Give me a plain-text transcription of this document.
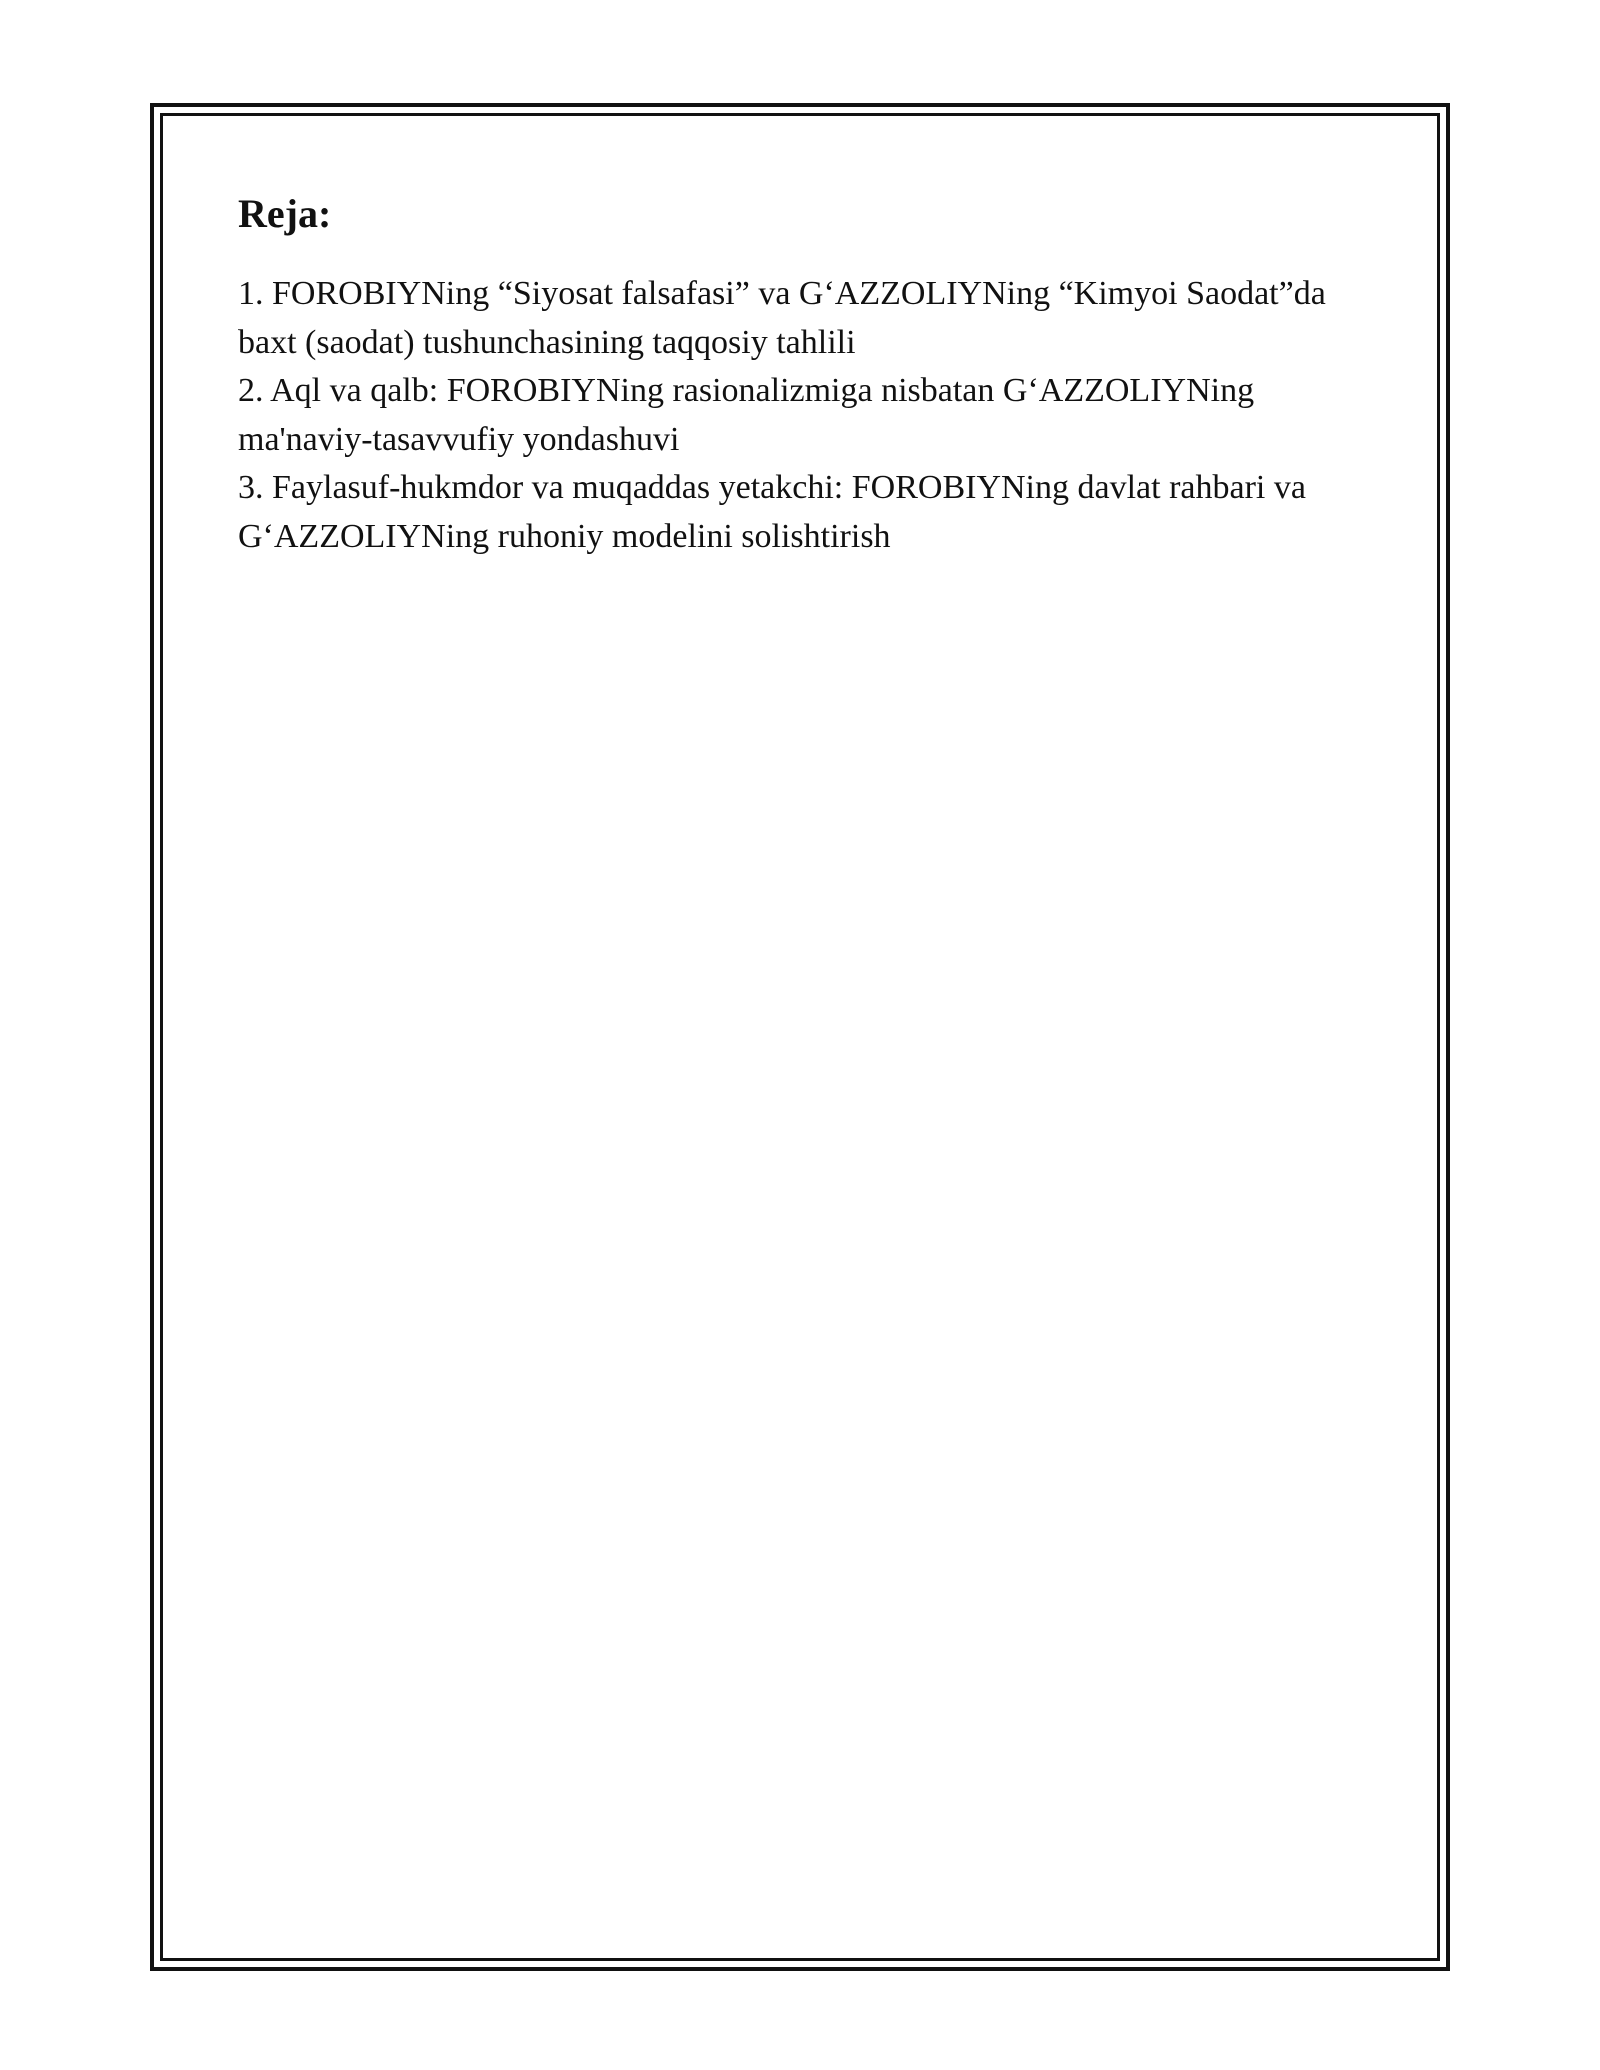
Reja:
1. FOROBIYNing “Siyosat falsafasi” va G‘AZZOLIYNing “Kimyoi Saodat”da baxt (saodat) tushunchasining taqqosiy tahlili
2. Aql va qalb: FOROBIYNing rasionalizmiga nisbatan G‘AZZOLIYNing ma'naviy-tasavvufiy yondashuvi
3. Faylasuf-hukmdor va muqaddas yetakchi: FOROBIYNing davlat rahbari va G‘AZZOLIYNing ruhoniy modelini solishtirish
